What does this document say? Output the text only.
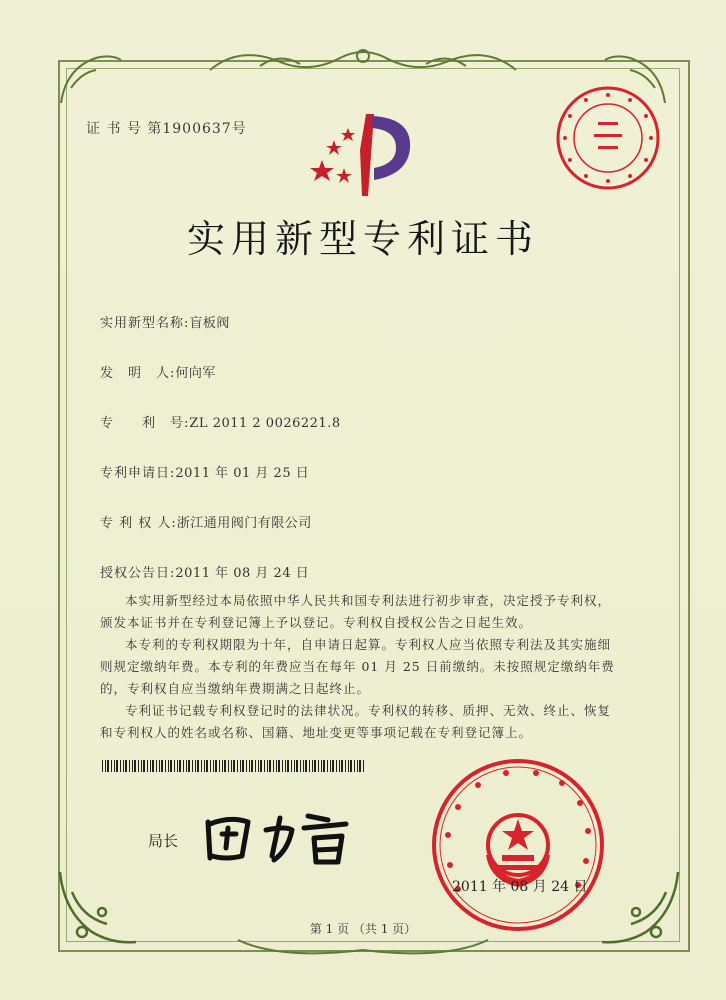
证 书 号 第1900637号
实用新型专利证书
实用新型名称:盲板阀
发　明　人:何向军
专　　利　号:ZL 2011 2 0026221.8
专利申请日:2011 年 01 月 25 日
专 利 权 人:浙江通用阀门有限公司
授权公告日:2011 年 08 月 24 日

本实用新型经过本局依照中华人民共和国专利法进行初步审查，决定授予专利权，颁发本证书并在专利登记簿上予以登记。专利权自授权公告之日起生效。

本专利的专利权期限为十年，自申请日起算。专利权人应当依照专利法及其实施细则规定缴纳年费。本专利的年费应当在每年 01 月 25 日前缴纳。未按照规定缴纳年费的，专利权自应当缴纳年费期满之日起终止。

专利证书记载专利权登记时的法律状况。专利权的转移、质押、无效、终止、恢复和专利权人的姓名或名称、国籍、地址变更等事项记载在专利登记簿上。

局长
2011 年 08 月 24 日
第 1 页 （共 1 页）
